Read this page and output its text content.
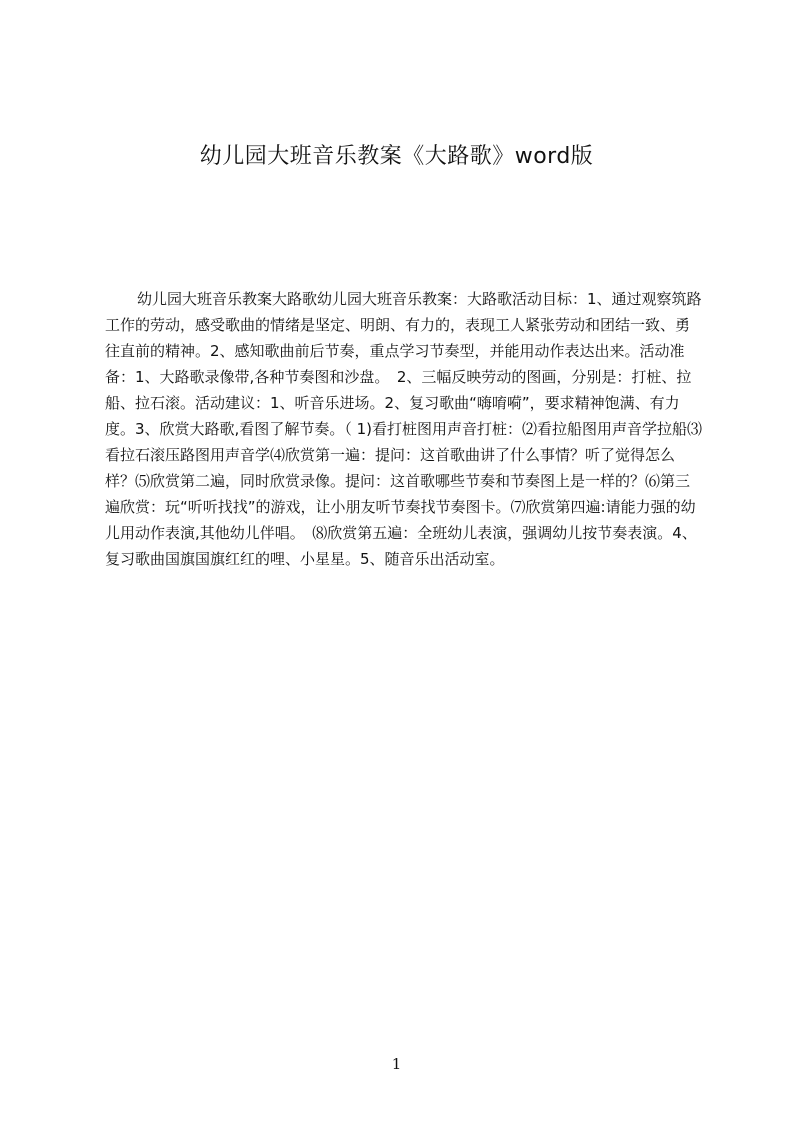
幼儿园大班音乐教案《大路歌》word版
幼儿园大班音乐教案大路歌幼儿园大班音乐教案：大路歌活动目标：1、通过观察筑路工作的劳动，感受歌曲的情绪是坚定、明朗、有力的，表现工人紧张劳动和团结一致、勇往直前的精神。2、感知歌曲前后节奏，重点学习节奏型，并能用动作表达出来。活动准备：1、大路歌录像带,各种节奏图和沙盘。　2、三幅反映劳动的图画，分别是：打桩、拉船、拉石滚。活动建议：1、听音乐进场。2、复习歌曲“嗨唷嗬”，要求精神饱满、有力度。3、欣赏大路歌,看图了解节奏。（ 1)看打桩图用声音打桩：⑵看拉船图用声音学拉船⑶看拉石滚压路图用声音学⑷欣赏第一遍：提问：这首歌曲讲了什么事情？听了觉得怎么样？⑸欣赏第二遍，同时欣赏录像。提问：这首歌哪些节奏和节奏图上是一样的？⑹第三遍欣赏：玩“听听找找”的游戏，让小朋友听节奏找节奏图卡。⑺欣赏第四遍:请能力强的幼儿用动作表演,其他幼儿伴唱。　⑻欣赏第五遍：全班幼儿表演，强调幼儿按节奏表演。4、复习歌曲国旗国旗红红的哩、小星星。5、随音乐出活动室。
1
